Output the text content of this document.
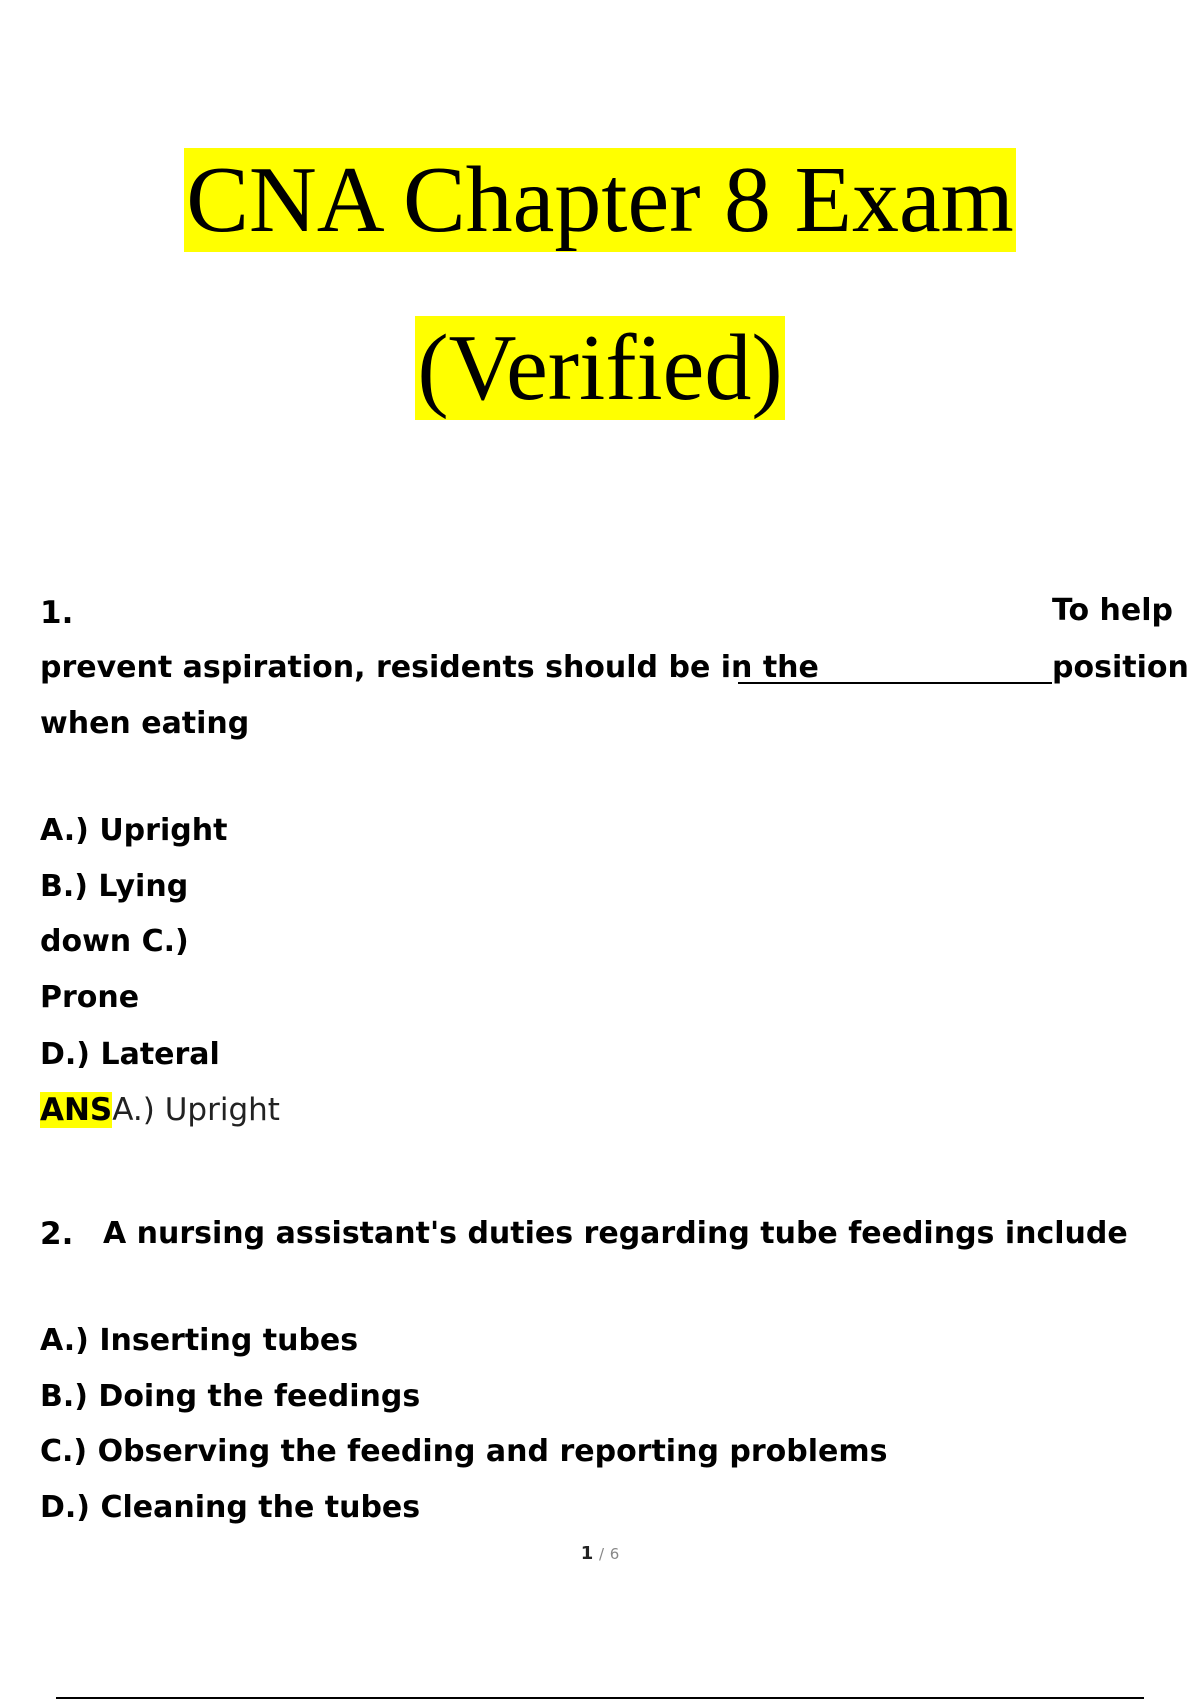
CNA Chapter 8 Exam
(Verified)
1.	To help
prevent aspiration, residents should be in the	position
when eating
A.) Upright
B.) Lying
down C.)
Prone
D.) Lateral
ANSA.) Upright
2. A nursing assistant's duties regarding tube feedings include
A.) Inserting tubes
B.) Doing the feedings
C.) Observing the feeding and reporting problems
D.) Cleaning the tubes
1 / 6
